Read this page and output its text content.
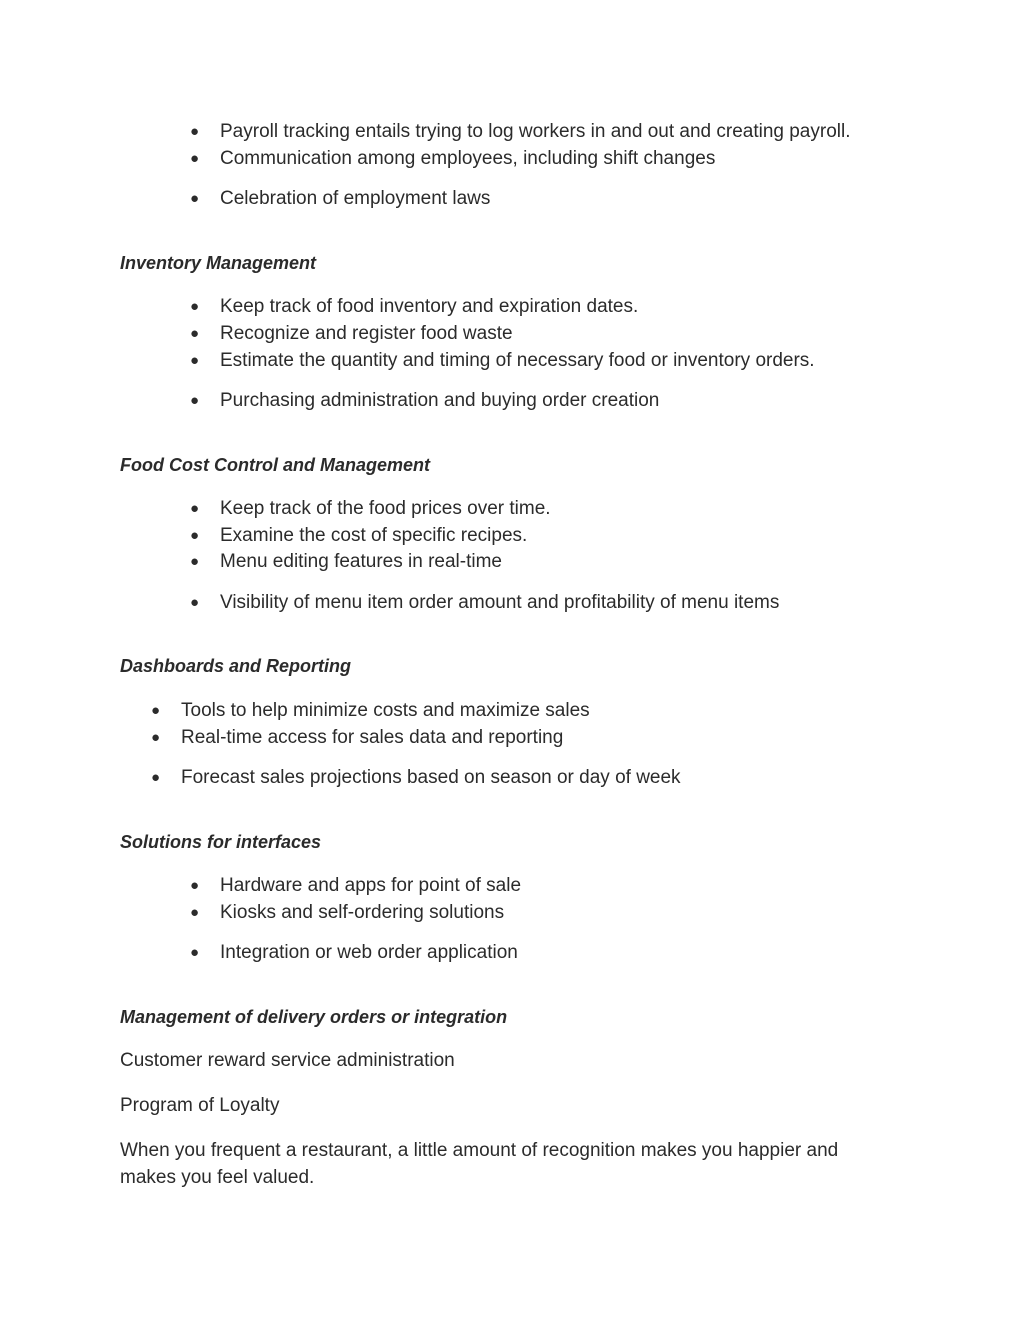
● Payroll tracking entails trying to log workers in and out and creating payroll.
● Communication among employees, including shift changes
● Celebration of employment laws
Inventory Management
● Keep track of food inventory and expiration dates.
● Recognize and register food waste
● Estimate the quantity and timing of necessary food or inventory orders.
● Purchasing administration and buying order creation
Food Cost Control and Management
● Keep track of the food prices over time.
● Examine the cost of specific recipes.
● Menu editing features in real-time
● Visibility of menu item order amount and profitability of menu items
Dashboards and Reporting
● Tools to help minimize costs and maximize sales
● Real-time access for sales data and reporting
● Forecast sales projections based on season or day of week
Solutions for interfaces
● Hardware and apps for point of sale
● Kiosks and self-ordering solutions
● Integration or web order application
Management of delivery orders or integration
Customer reward service administration
Program of Loyalty
When you frequent a restaurant, a little amount of recognition makes you happier and makes you feel valued.
